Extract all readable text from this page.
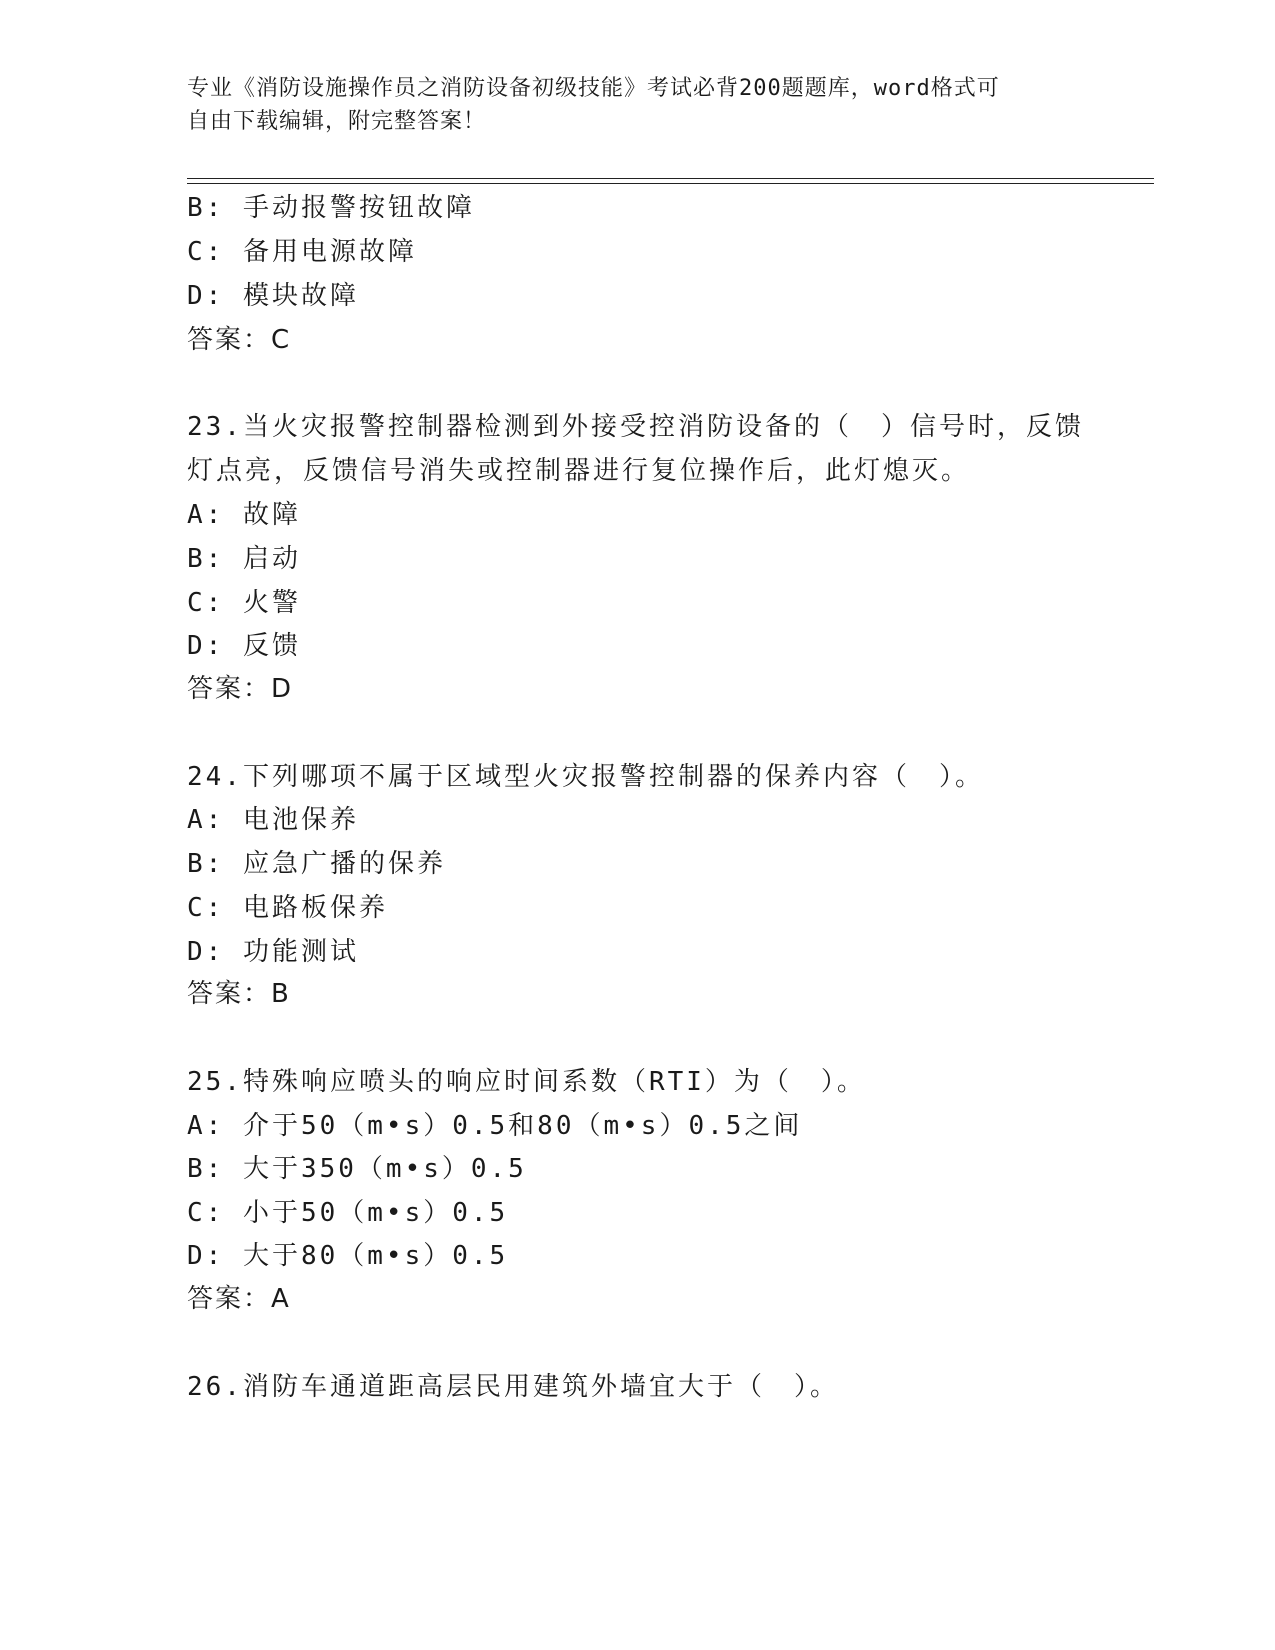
专业《消防设施操作员之消防设备初级技能》考试必背200题题库，word格式可
自由下载编辑，附完整答案！
B: 手动报警按钮故障
C: 备用电源故障
D: 模块故障
答案：C
23.当火灾报警控制器检测到外接受控消防设备的（　）信号时，反馈
灯点亮，反馈信号消失或控制器进行复位操作后，此灯熄灭。
A: 故障
B: 启动
C: 火警
D: 反馈
答案：D
24.下列哪项不属于区域型火灾报警控制器的保养内容（　）。
A: 电池保养
B: 应急广播的保养
C: 电路板保养
D: 功能测试
答案：B
25.特殊响应喷头的响应时间系数（RTI）为（　）。
A: 介于50（m•s）0.5和80（m•s）0.5之间
B: 大于350（m•s）0.5
C: 小于50（m•s）0.5
D: 大于80（m•s）0.5
答案：A
26.消防车通道距高层民用建筑外墙宜大于（　）。
